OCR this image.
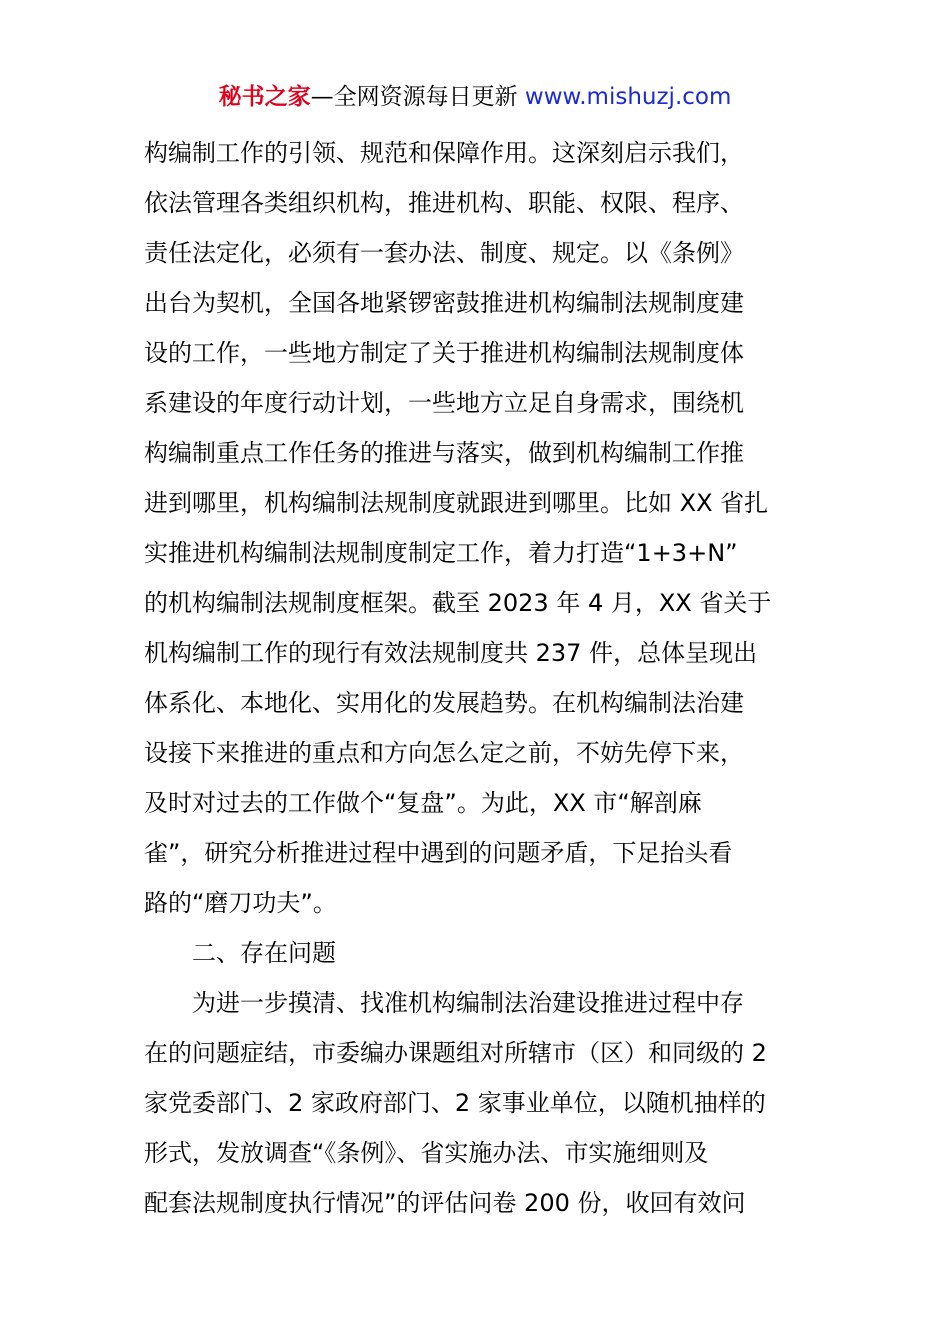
秘书之家—全网资源每日更新 www.mishuzj.com
构编制工作的引领、规范和保障作用。这深刻启示我们，
依法管理各类组织机构，推进机构、职能、权限、程序、
责任法定化，必须有一套办法、制度、规定。以《条例》
出台为契机，全国各地紧锣密鼓推进机构编制法规制度建
设的工作，一些地方制定了关于推进机构编制法规制度体
系建设的年度行动计划，一些地方立足自身需求，围绕机
构编制重点工作任务的推进与落实，做到机构编制工作推
进到哪里，机构编制法规制度就跟进到哪里。比如 XX 省扎
实推进机构编制法规制度制定工作，着力打造“1+3+N”
的机构编制法规制度框架。截至 2023 年 4 月，XX 省关于
机构编制工作的现行有效法规制度共 237 件，总体呈现出
体系化、本地化、实用化的发展趋势。在机构编制法治建
设接下来推进的重点和方向怎么定之前，不妨先停下来，
及时对过去的工作做个“复盘”。为此，XX 市“解剖麻
雀”，研究分析推进过程中遇到的问题矛盾，下足抬头看
路的“磨刀功夫”。
二、存在问题
为进一步摸清、找准机构编制法治建设推进过程中存
在的问题症结，市委编办课题组对所辖市（区）和同级的 2
家党委部门、2 家政府部门、2 家事业单位，以随机抽样的
形式，发放调查“《条例》、省实施办法、市实施细则及
配套法规制度执行情况”的评估问卷 200 份，收回有效问
